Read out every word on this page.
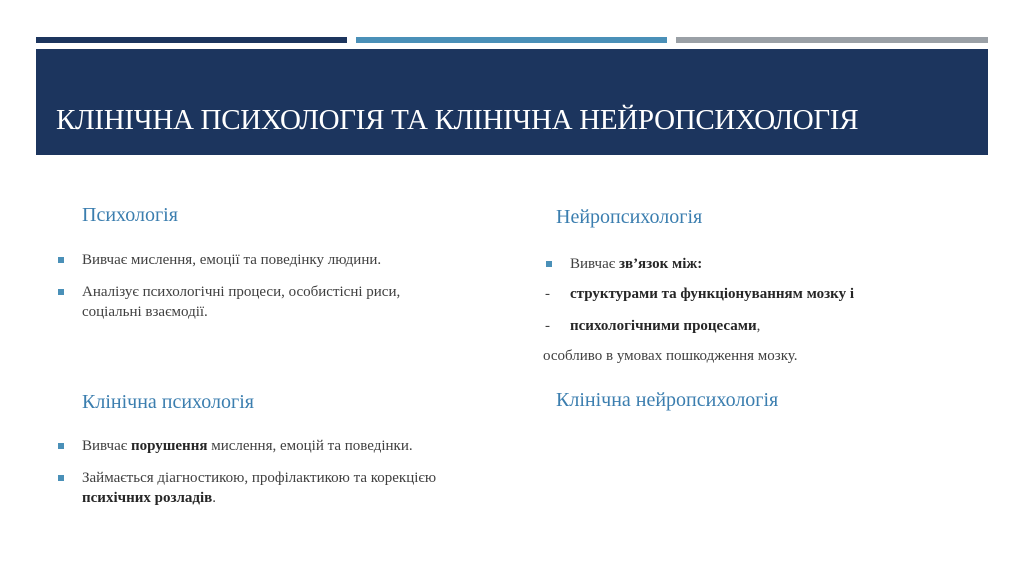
КЛІНІЧНА ПСИХОЛОГІЯ ТА КЛІНІЧНА НЕЙРОПСИХОЛОГІЯ
Психологія
Вивчає мислення, емоції та поведінку людини.
Аналізує психологічні процеси, особистісні риси,
соціальні взаємодії.
Клінічна психологія
Вивчає порушення мислення, емоцій та поведінки.
Займається діагностикою, профілактикою та корекцією
психічних розладів.
Нейропсихологія
Вивчає зв’язок між:
- структурами та функціонуванням мозку і
- психологічними процесами,
особливо в умовах пошкодження мозку.
Клінічна нейропсихологія
